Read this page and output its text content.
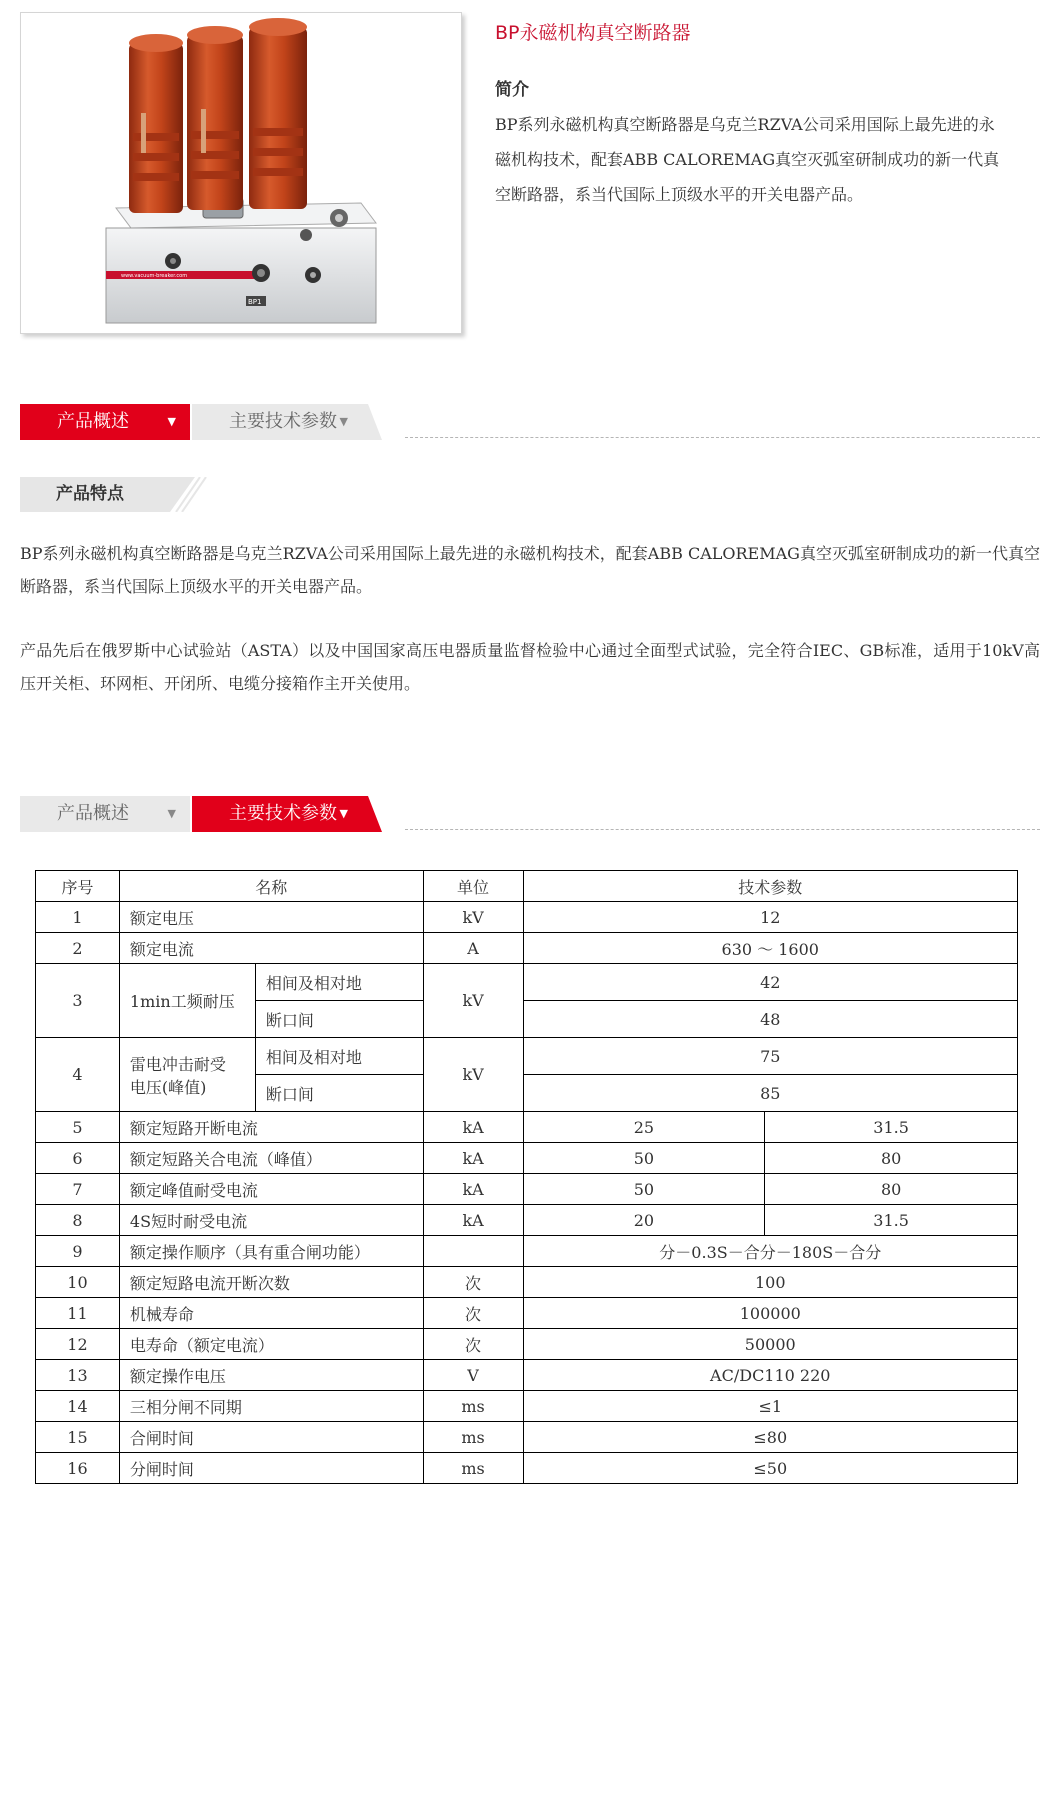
www.vacuum-breaker.com
BP1
BP永磁机构真空断路器
简介
BP系列永磁机构真空断路器是乌克兰RZVA公司采用国际上最先进的永磁机构技术，配套ABB CALOREMAG真空灭弧室研制成功的新一代真空断路器，系当代国际上顶级水平的开关电器产品。
产品概述	▼	主要技术参数 ▼
产品特点
BP系列永磁机构真空断路器是乌克兰RZVA公司采用国际上最先进的永磁机构技术，配套ABB CALOREMAG真空灭弧室研制成功的新一代真空断路器，系当代国际上顶级水平的开关电器产品。
产品先后在俄罗斯中心试验站（ASTA）以及中国国家高压电器质量监督检验中心通过全面型式试验，完全符合IEC、GB标准，适用于10kV高压开关柜、环网柜、开闭所、电缆分接箱作主开关使用。
产品概述	▼	主要技术参数 ▼
序号	名称		单位	技术参数	
1	额定电压		kV	12	
2	额定电流		A	630 ～ 1600	
3	1min工频耐压	相间及相对地	kV	42	
		断口间		48	
4	雷电冲击耐受
电压(峰值)	相间及相对地	kV	75	
		断口间		85	
5	额定短路开断电流		kA	25	31.5
6	额定短路关合电流（峰值）		kA	50	80
7	额定峰值耐受电流		kA	50	80
8	4S短时耐受电流		kA	20	31.5
9	额定操作顺序（具有重合闸功能）			分－0.3S－合分－180S－合分	
10	额定短路电流开断次数		次	100	
11	机械寿命		次	100000	
12	电寿命（额定电流）		次	50000	
13	额定操作电压		V	AC/DC110 220	
14	三相分闸不同期		ms	≤1	
15	合闸时间		ms	≤80	
16	分闸时间		ms	≤50	
